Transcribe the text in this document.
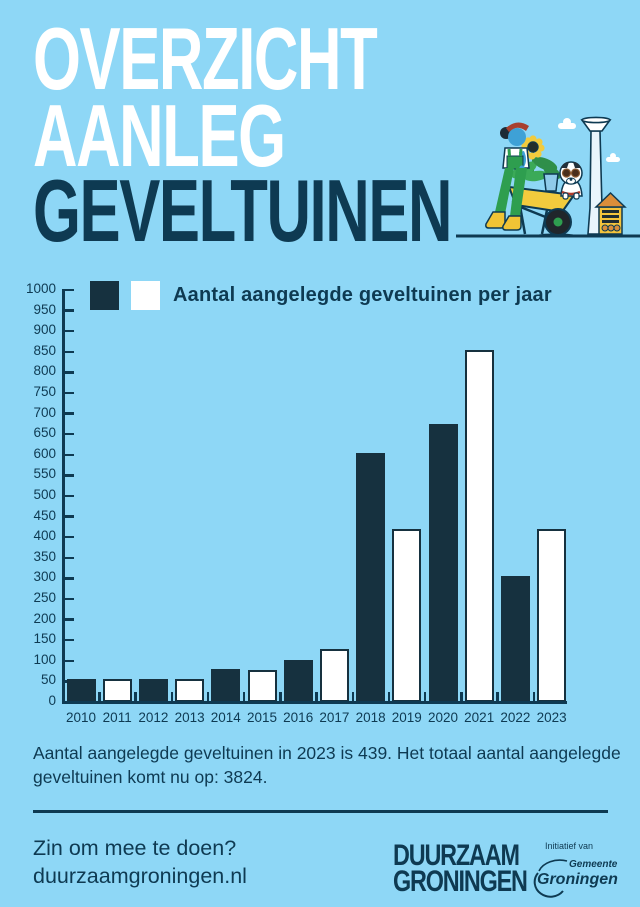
OVERZICHT
AANLEG
GEVELTUINEN
Aantal aangelegde geveltuinen per jaar
0
50
100
150
200
250
300
350
400
450
500
550
600
650
700
750
800
850
900
950
1000
2010 2011 2012 2013 2014 2015 2016 2017 2018 2019 2020 2021 2022 2023

Aantal aangelegde geveltuinen in 2023 is 439. Het totaal aantal aangelegde
geveltuinen komt nu op: 3824.

Zin om mee te doen?
duurzaamgroningen.nl
DUURZAAM
GRONINGEN
Initiatief van
Gemeente
Groningen
